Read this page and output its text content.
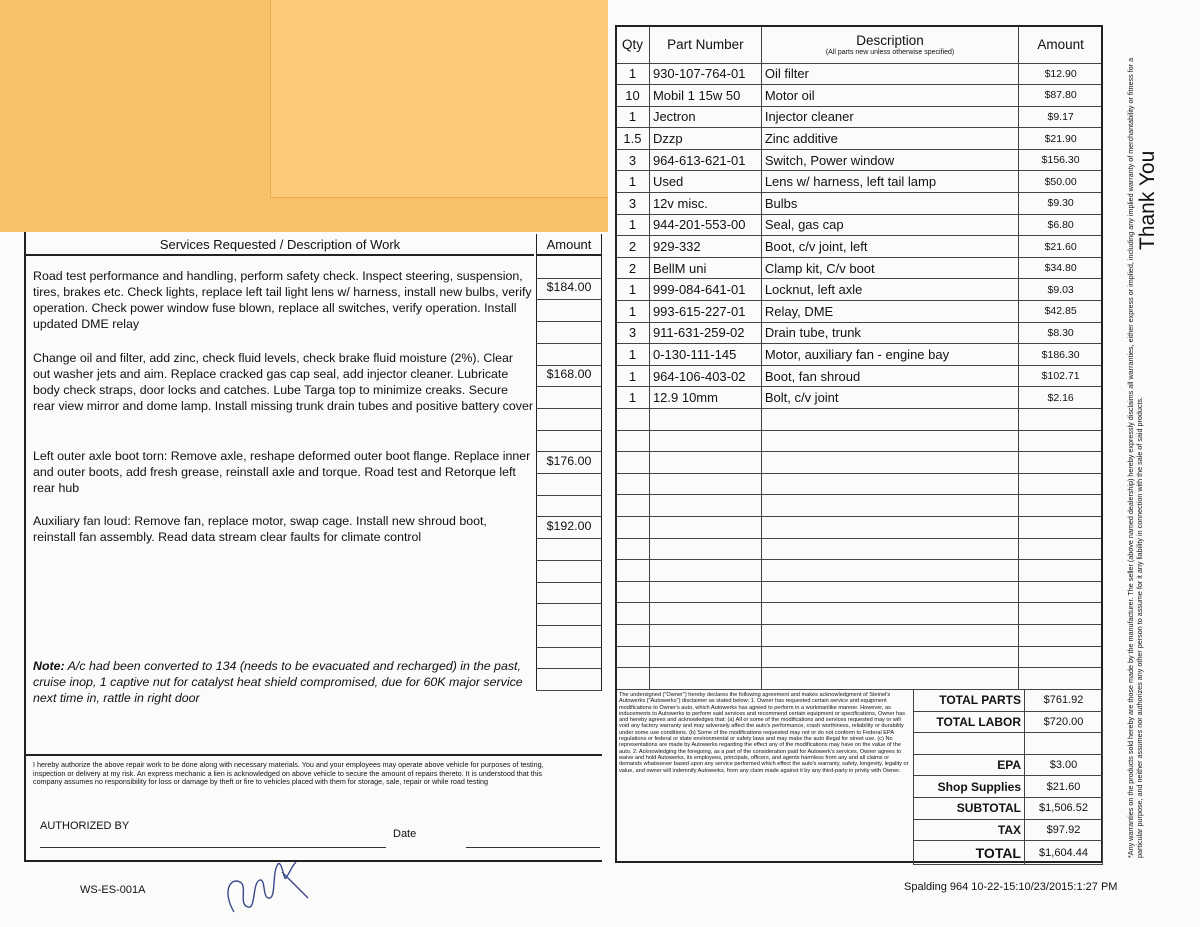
Services Requested / Description of Work	Amount
Road test performance and handling, perform safety check. Inspect steering, suspension, tires, brakes etc. Check lights, replace left tail light lens w/ harness, install new bulbs, verify operation. Check power window fuse blown, replace all switches, verify operation. Install updated DME relay
$184.00
Change oil and filter, add zinc, check fluid levels, check brake fluid moisture (2%). Clear out washer jets and aim. Replace cracked gas cap seal, add injector cleaner. Lubricate body check straps, door locks and catches. Lube Targa top to minimize creaks. Secure rear view mirror and dome lamp. Install missing trunk drain tubes and positive battery cover
$168.00
Left outer axle boot torn: Remove axle, reshape deformed outer boot flange. Replace inner and outer boots, add fresh grease, reinstall axle and torque. Road test and Retorque left rear hub
$176.00
Auxiliary fan loud: Remove fan, replace motor, swap cage. Install new shroud boot, reinstall fan assembly. Read data stream clear faults for climate control
$192.00
Note: A/c had been converted to 134 (needs to be evacuated and recharged) in the past, cruise inop, 1 captive nut for catalyst heat shield compromised, due for 60K major service next time in, rattle in right door
I hereby authorize the above repair work to be done along with necessary materials. You and your employees may operate above vehicle for purposes of testing, inspection or delivery at my risk. An express mechanic a lien is acknowledged on above vehicle to secure the amount of repairs thereto. It is understood that this company assumes no responsibility for loss or damage by theft or fire to vehicles placed with them for storage, sale, repair or while road testing
AUTHORIZED BY
Date
Qty	Part Number	Description
(All parts new unless otherwise specified)	Amount
1	930-107-764-01	Oil filter	$12.90
10	Mobil 1 15w 50	Motor oil	$87.80
1	Jectron	Injector cleaner	$9.17
1.5	Dzzp	Zinc additive	$21.90
3	964-613-621-01	Switch, Power window	$156.30
1	Used	Lens w/ harness, left tail lamp	$50.00
3	12v misc.	Bulbs	$9.30
1	944-201-553-00	Seal, gas cap	$6.80
2	929-332	Boot, c/v joint, left	$21.60
2	BellM uni	Clamp kit, C/v boot	$34.80
1	999-084-641-01	Locknut, left axle	$9.03
1	993-615-227-01	Relay, DME	$42.85
3	911-631-259-02	Drain tube, trunk	$8.30
1	0-130-111-145	Motor, auxiliary fan - engine bay	$186.30
1	964-106-403-02	Boot, fan shroud	$102.71
1	12.9 10mm	Bolt, c/v joint	$2.16

The undersigned ("Owner") hereby declares the following agreement and makes acknowledgment of Steinel's Autowerks ("Autowerks") disclaimer as stated below: 1. Owner has requested certain service and equipment modifications to Owner's auto, which Autowerks has agreed to perform in a workmanlike manner. However, as inducements to Autowerks to perform said services and recommend certain equipment or specifications, Owner has and hereby agrees and acknowledges that: (a) All or some of the modifications and services requested may or will void any factory warranty and may adversely affect the auto's performance, crash worthiness, reliability or durability under some use conditions. (b) Some of the modifications requested may not or do not conform to Federal EPA regulations or federal or state environmental or safety laws and may make the auto illegal for street use. (c) No representations are made by Autowerks regarding the effect any of the modifications may have on the value of the auto. 2. Acknowledging the foregoing, as a part of the consideration paid for Autowerk's services, Owner agrees to waive and hold Autowerks, its employees, principals, officers, and agents harmless from any and all claims or demands whatsoever based upon any service performed which effect the auto's warranty, safety, longevity, legality or value, and owner will indemnify Autowerks, from any claim made against it by any third-party in privity with Owner.
TOTAL PARTS	$761.92
TOTAL LABOR	$720.00

EPA	$3.00
Shop Supplies	$21.60
SUBTOTAL	$1,506.52
TAX	$97.92
TOTAL	$1,604.44
Thank You
*Any warranties on the products sold hereby are those made by the manufacturer. The seller (above named dealership) hereby expressly disclaims all warranties, either express or implied, including any implied warranty of merchantability or fitness for a particular purpose, and neither assumes nor authorizes any other person to assume for it any liability in connection with the sale of said products.
WS-ES-001A	Spalding 964 10-22-15:10/23/2015:1:27 PM
